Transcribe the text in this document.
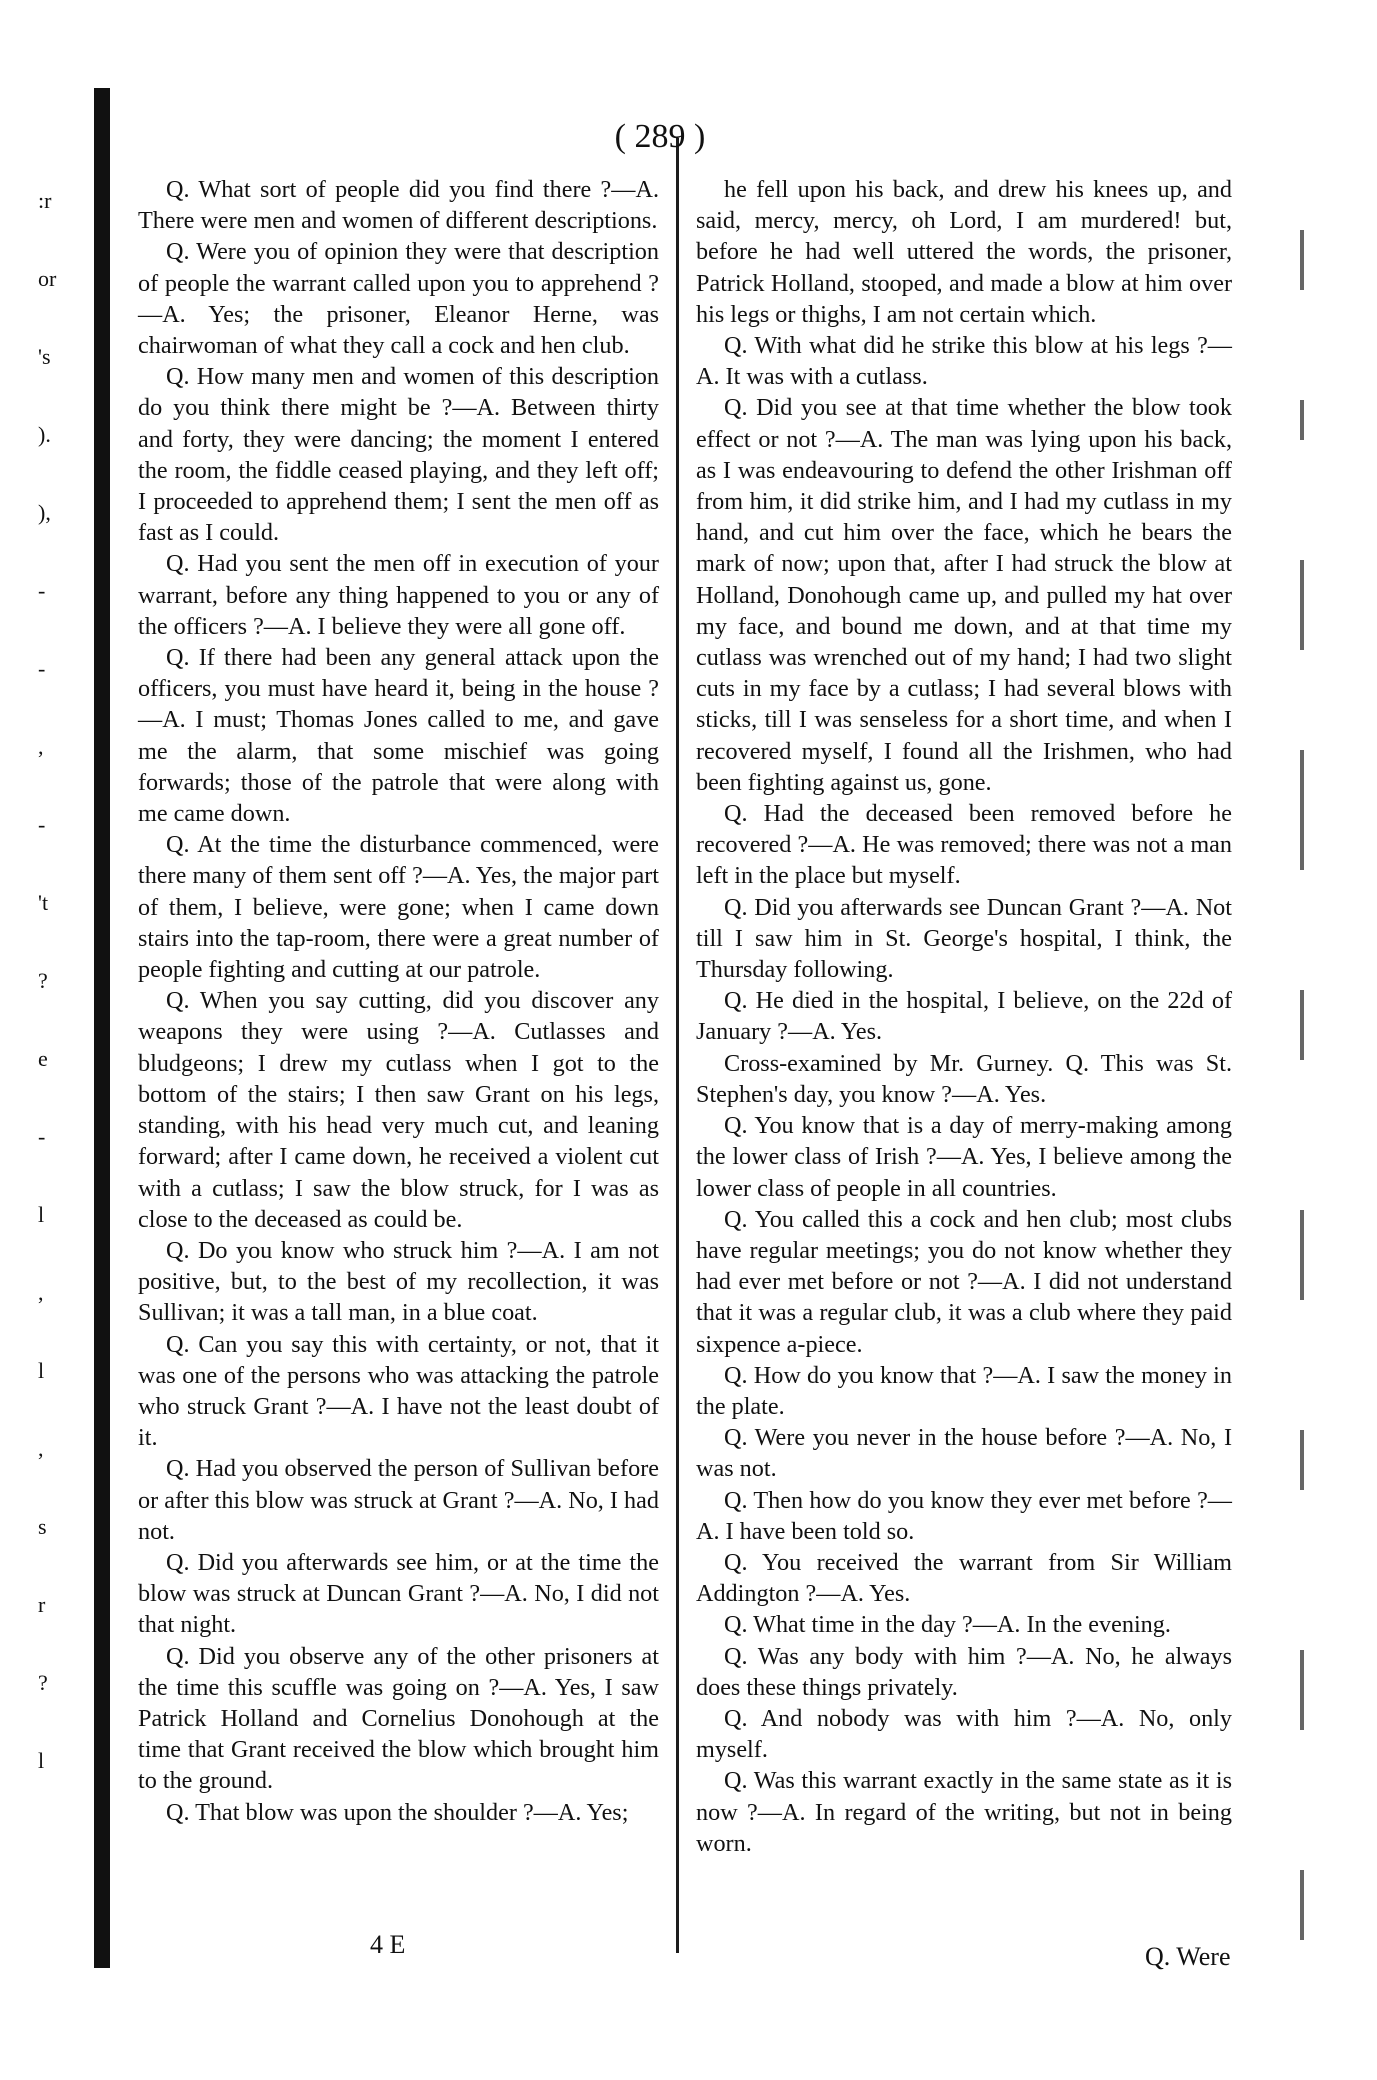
:r
or
's
).
),
-
-
,
-
't
?
e
-
l
,
l
,
s
r
?
l
( 289 )

Q. What sort of people did you find there ?—A. There were men and women of different descriptions.

Q. Were you of opinion they were that description of people the warrant called upon you to apprehend ?—A. Yes; the prisoner, Eleanor Herne, was chairwoman of what they call a cock and hen club.

Q. How many men and women of this description do you think there might be ?—A. Between thirty and forty, they were dancing; the moment I entered the room, the fiddle ceased playing, and they left off; I proceeded to apprehend them; I sent the men off as fast as I could.

Q. Had you sent the men off in execution of your warrant, before any thing happened to you or any of the officers ?—A. I believe they were all gone off.

Q. If there had been any general attack upon the officers, you must have heard it, being in the house ?—A. I must; Thomas Jones called to me, and gave me the alarm, that some mischief was going forwards; those of the patrole that were along with me came down.

Q. At the time the disturbance commenced, were there many of them sent off ?—A. Yes, the major part of them, I believe, were gone; when I came down stairs into the tap-room, there were a great number of people fighting and cutting at our patrole.

Q. When you say cutting, did you discover any weapons they were using ?—A. Cutlasses and bludgeons; I drew my cutlass when I got to the bottom of the stairs; I then saw Grant on his legs, standing, with his head very much cut, and leaning forward; after I came down, he received a violent cut with a cutlass; I saw the blow struck, for I was as close to the deceased as could be.

Q. Do you know who struck him ?—A. I am not positive, but, to the best of my recollection, it was Sullivan; it was a tall man, in a blue coat.

Q. Can you say this with certainty, or not, that it was one of the persons who was attacking the patrole who struck Grant ?—A. I have not the least doubt of it.

Q. Had you observed the person of Sullivan before or after this blow was struck at Grant ?—A. No, I had not.

Q. Did you afterwards see him, or at the time the blow was struck at Duncan Grant ?—A. No, I did not that night.

Q. Did you observe any of the other prisoners at the time this scuffle was going on ?—A. Yes, I saw Patrick Holland and Cornelius Donohough at the time that Grant received the blow which brought him to the ground.

Q. That blow was upon the shoulder ?—A. Yes;

he fell upon his back, and drew his knees up, and said, mercy, mercy, oh Lord, I am murdered! but, before he had well uttered the words, the prisoner, Patrick Holland, stooped, and made a blow at him over his legs or thighs, I am not certain which.

Q. With what did he strike this blow at his legs ?—A. It was with a cutlass.

Q. Did you see at that time whether the blow took effect or not ?—A. The man was lying upon his back, as I was endeavouring to defend the other Irishman off from him, it did strike him, and I had my cutlass in my hand, and cut him over the face, which he bears the mark of now; upon that, after I had struck the blow at Holland, Donohough came up, and pulled my hat over my face, and bound me down, and at that time my cutlass was wrenched out of my hand; I had two slight cuts in my face by a cutlass; I had several blows with sticks, till I was senseless for a short time, and when I recovered myself, I found all the Irishmen, who had been fighting against us, gone.

Q. Had the deceased been removed before he recovered ?—A. He was removed; there was not a man left in the place but myself.

Q. Did you afterwards see Duncan Grant ?—A. Not till I saw him in St. George's hospital, I think, the Thursday following.

Q. He died in the hospital, I believe, on the 22d of January ?—A. Yes.

Cross-examined by Mr. Gurney. Q. This was St. Stephen's day, you know ?—A. Yes.

Q. You know that is a day of merry-making among the lower class of Irish ?—A. Yes, I believe among the lower class of people in all countries.

Q. You called this a cock and hen club; most clubs have regular meetings; you do not know whether they had ever met before or not ?—A. I did not understand that it was a regular club, it was a club where they paid sixpence a-piece.

Q. How do you know that ?—A. I saw the money in the plate.

Q. Were you never in the house before ?—A. No, I was not.

Q. Then how do you know they ever met before ?—A. I have been told so.

Q. You received the warrant from Sir William Addington ?—A. Yes.

Q. What time in the day ?—A. In the evening.

Q. Was any body with him ?—A. No, he always does these things privately.

Q. And nobody was with him ?—A. No, only myself.

Q. Was this warrant exactly in the same state as it is now ?—A. In regard of the writing, but not in being worn.

4 E	Q. Were
